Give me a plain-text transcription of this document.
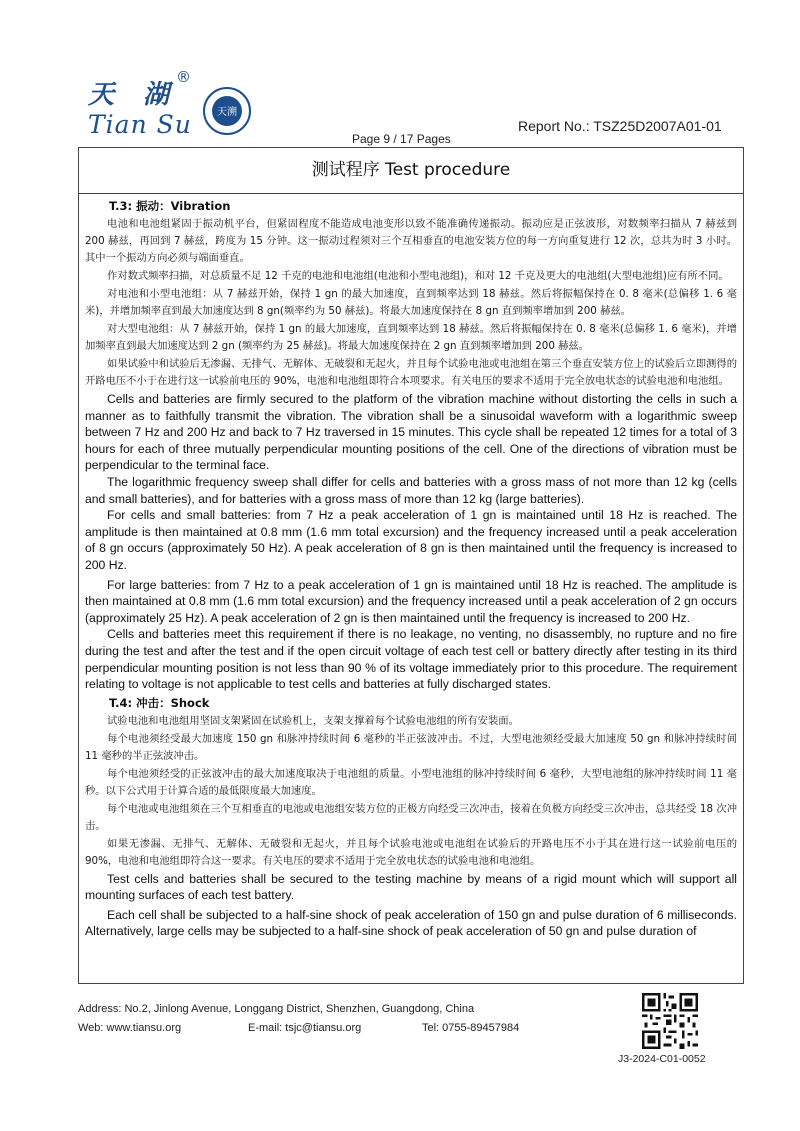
天 湖
®
Tian Su	天溯
Report No.: TSZ25D2007A01-01
Page 9 / 17 Pages
测试程序 Test procedure
T.3: 振动：Vibration

电池和电池组紧固于振动机平台，但紧固程度不能造成电池变形以致不能准确传递振动。振动应是正弦波形，对数频率扫描从 7 赫兹到 200 赫兹，再回到 7 赫兹，跨度为 15 分钟。这一振动过程须对三个互相垂直的电池安装方位的每一方向重复进行 12 次，总共为时 3 小时。其中一个振动方向必须与端面垂直。

作对数式频率扫描，对总质量不足 12 千克的电池和电池组(电池和小型电池组)，和对 12 千克及更大的电池组(大型电池组)应有所不同。

对电池和小型电池组：从 7 赫兹开始，保持 1 gn 的最大加速度，直到频率达到 18 赫兹。然后将振幅保持在 0. 8 毫米(总偏移 1. 6 毫米)，并增加频率直到最大加速度达到 8 gn(频率约为 50 赫兹)。将最大加速度保持在 8 gn 直到频率增加到 200 赫兹。

对大型电池组：从 7 赫兹开始，保持 1 gn 的最大加速度，直到频率达到 18 赫兹。然后将振幅保持在 0. 8 毫米(总偏移 1. 6 毫米)，并增加频率直到最大加速度达到 2 gn (频率约为 25 赫兹)。将最大加速度保持在 2 gn 直到频率增加到 200 赫兹。

如果试验中和试验后无渗漏、无排气、无解体、无破裂和无起火，并且每个试验电池或电池组在第三个垂直安装方位上的试验后立即测得的开路电压不小于在进行这一试验前电压的 90%，电池和电池组即符合本项要求。有关电压的要求不适用于完全放电状态的试验电池和电池组。

Cells and batteries are firmly secured to the platform of the vibration machine without distorting the cells in such a manner as to faithfully transmit the vibration. The vibration shall be a sinusoidal waveform with a logarithmic sweep between 7 Hz and 200 Hz and back to 7 Hz traversed in 15 minutes. This cycle shall be repeated 12 times for a total of 3 hours for each of three mutually perpendicular mounting positions of the cell. One of the directions of vibration must be perpendicular to the terminal face.

The logarithmic frequency sweep shall differ for cells and batteries with a gross mass of not more than 12 kg (cells and small batteries), and for batteries with a gross mass of more than 12 kg (large batteries).

For cells and small batteries: from 7 Hz a peak acceleration of 1 gn is maintained until 18 Hz is reached. The amplitude is then maintained at 0.8 mm (1.6 mm total excursion) and the frequency increased until a peak acceleration of 8 gn occurs (approximately 50 Hz). A peak acceleration of 8 gn is then maintained until the frequency is increased to 200 Hz.

For large batteries: from 7 Hz to a peak acceleration of 1 gn is maintained until 18 Hz is reached. The amplitude is then maintained at 0.8 mm (1.6 mm total excursion) and the frequency increased until a peak acceleration of 2 gn occurs (approximately 25 Hz). A peak acceleration of 2 gn is then maintained until the frequency is increased to 200 Hz.

Cells and batteries meet this requirement if there is no leakage, no venting, no disassembly, no rupture and no fire during the test and after the test and if the open circuit voltage of each test cell or battery directly after testing in its third perpendicular mounting position is not less than 90 % of its voltage immediately prior to this procedure. The requirement relating to voltage is not applicable to test cells and batteries at fully discharged states.

T.4: 冲击：Shock

试验电池和电池组用坚固支架紧固在试验机上，支架支撑着每个试验电池组的所有安装面。

每个电池须经受最大加速度 150 gn 和脉冲持续时间 6 毫秒的半正弦波冲击。不过，大型电池须经受最大加速度 50 gn 和脉冲持续时间 11 毫秒的半正弦波冲击。

每个电池须经受的正弦波冲击的最大加速度取决于电池组的质量。小型电池组的脉冲持续时间 6 毫秒，大型电池组的脉冲持续时间 11 毫秒。以下公式用于计算合适的最低限度最大加速度。

每个电池或电池组须在三个互相垂直的电池或电池组安装方位的正极方向经受三次冲击，接着在负极方向经受三次冲击，总共经受 18 次冲击。

如果无渗漏、无排气、无解体、无破裂和无起火，并且每个试验电池或电池组在试验后的开路电压不小于其在进行这一试验前电压的 90%，电池和电池组即符合这一要求。有关电压的要求不适用于完全放电状态的试验电池和电池组。

Test cells and batteries shall be secured to the testing machine by means of a rigid mount which will support all mounting surfaces of each test battery.

Each cell shall be subjected to a half-sine shock of peak acceleration of 150 gn and pulse duration of 6 milliseconds. Alternatively, large cells may be subjected to a half-sine shock of peak acceleration of 50 gn and pulse duration of

Address: No.2, Jinlong Avenue, Longgang District, Shenzhen, Guangdong, China
Web: www.tiansu.org	E-mail: tsjc@tiansu.org	Tel: 0755-89457984
J3-2024-C01-0052
